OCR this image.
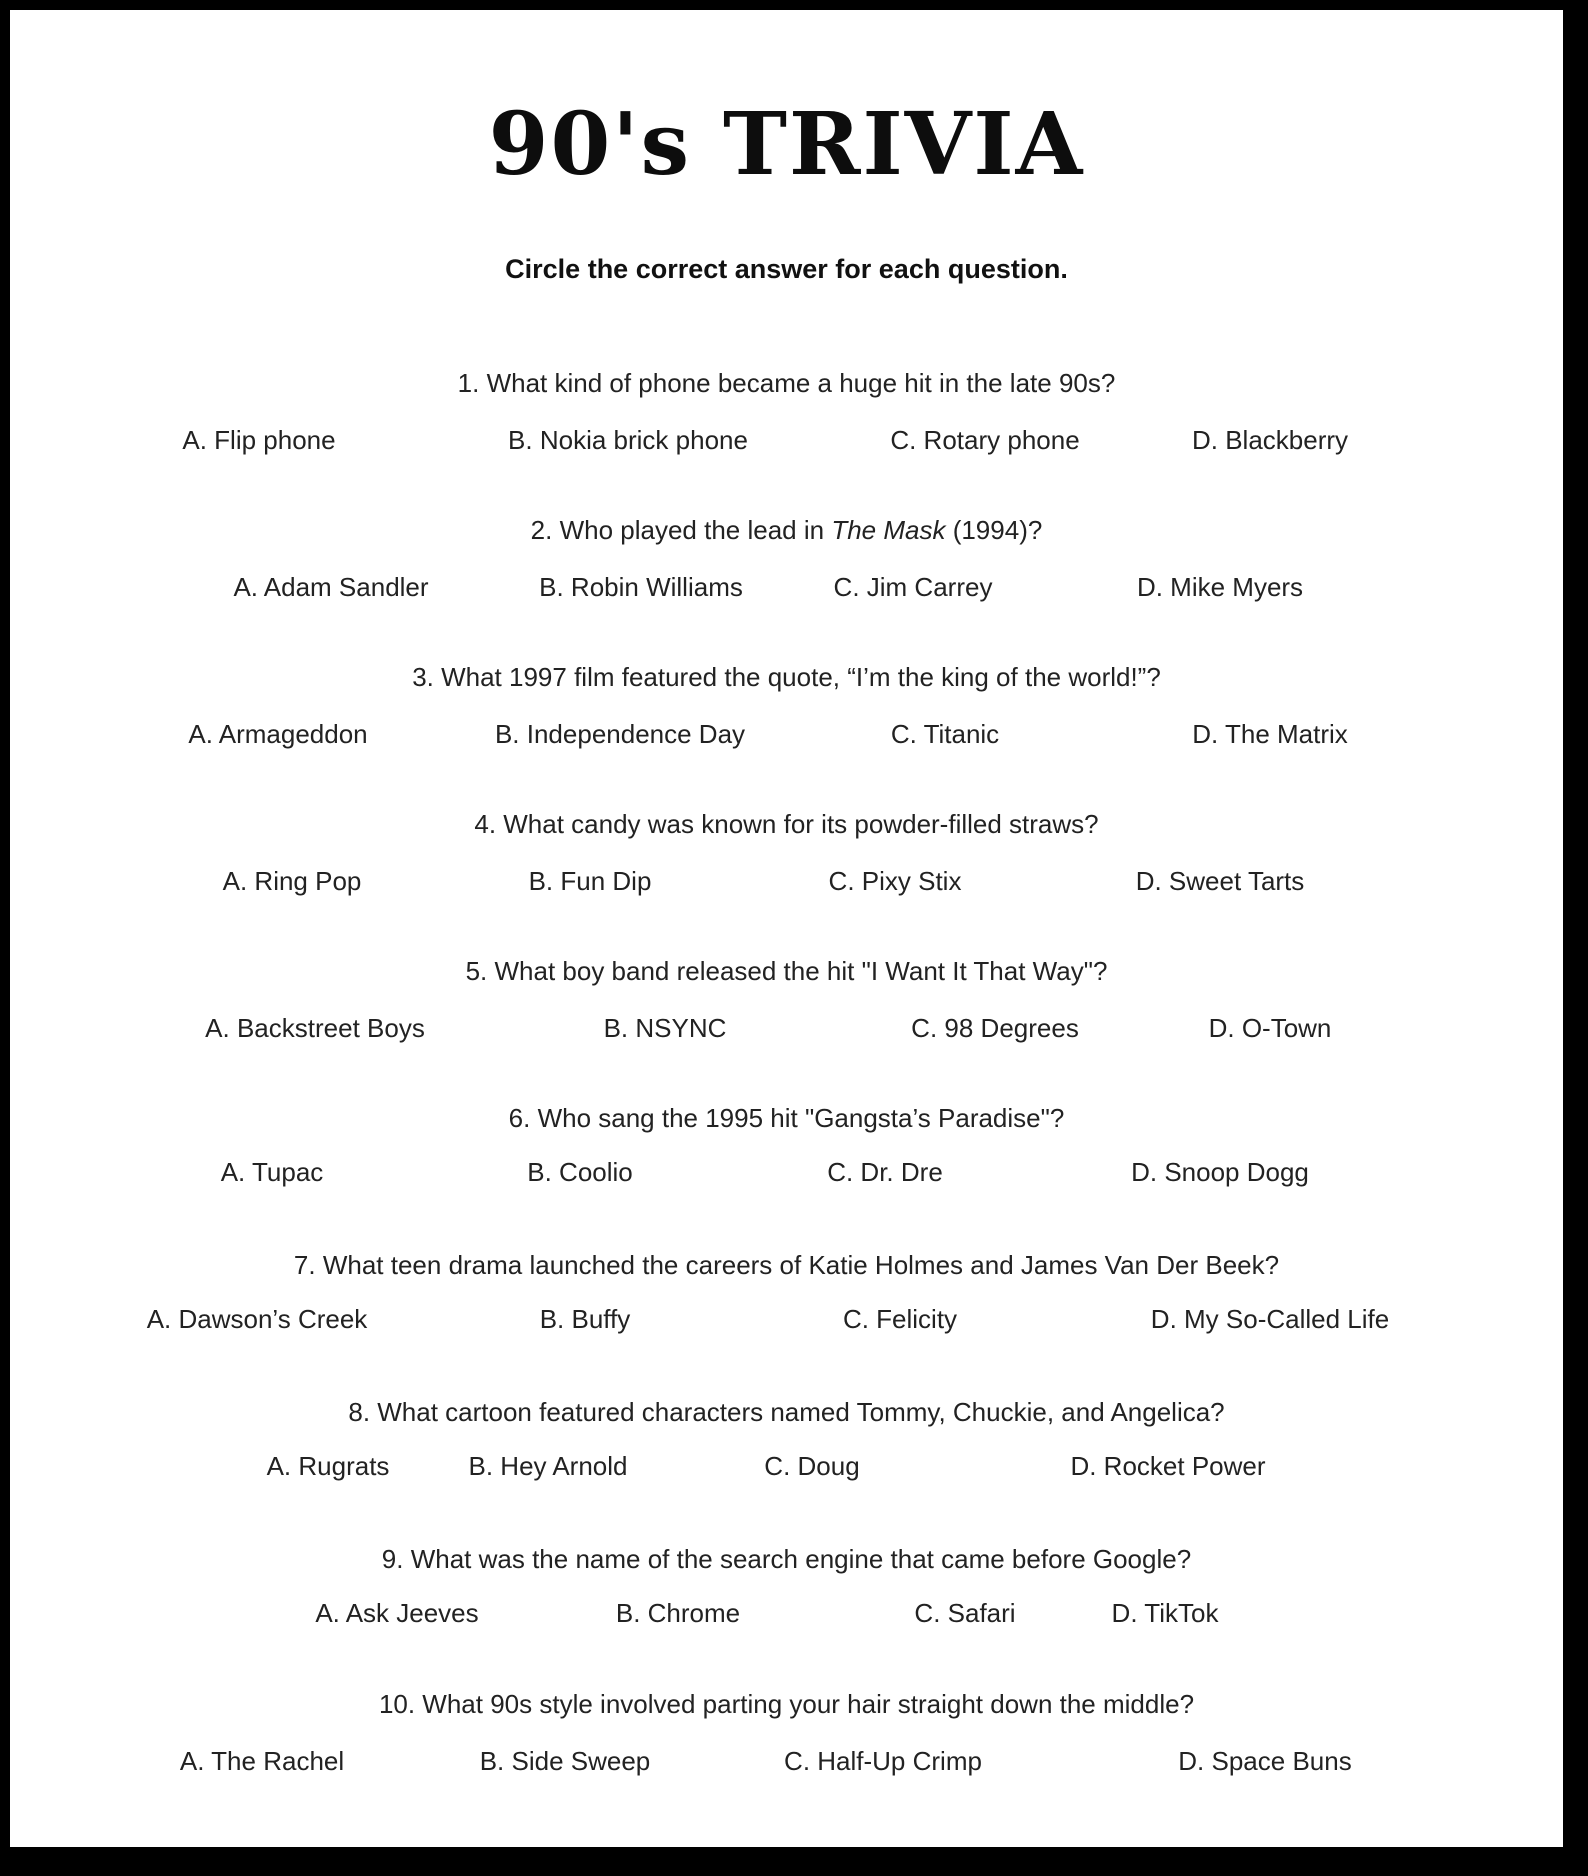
90's TRIVIA
Circle the correct answer for each question.
1. What kind of phone became a huge hit in the late 90s?
A. Flip phone	B. Nokia brick phone	C. Rotary phone	D. Blackberry
2. Who played the lead in The Mask (1994)?
A. Adam Sandler	B. Robin Williams	C. Jim Carrey	D. Mike Myers
3. What 1997 film featured the quote, “I’m the king of the world!”?
A. Armageddon	B. Independence Day	C. Titanic	D. The Matrix
4. What candy was known for its powder-filled straws?
A. Ring Pop	B. Fun Dip	C. Pixy Stix	D. Sweet Tarts
5. What boy band released the hit "I Want It That Way"?
A. Backstreet Boys	B. NSYNC	C. 98 Degrees	D. O-Town
6. Who sang the 1995 hit "Gangsta’s Paradise"?
A. Tupac	B. Coolio	C. Dr. Dre	D. Snoop Dogg
7. What teen drama launched the careers of Katie Holmes and James Van Der Beek?
A. Dawson’s Creek	B. Buffy	C. Felicity	D. My So-Called Life
8. What cartoon featured characters named Tommy, Chuckie, and Angelica?
A. Rugrats	B. Hey Arnold	C. Doug	D. Rocket Power
9. What was the name of the search engine that came before Google?
A. Ask Jeeves	B. Chrome	C. Safari	D. TikTok
10. What 90s style involved parting your hair straight down the middle?
A. The Rachel	B. Side Sweep	C. Half-Up Crimp	D. Space Buns
